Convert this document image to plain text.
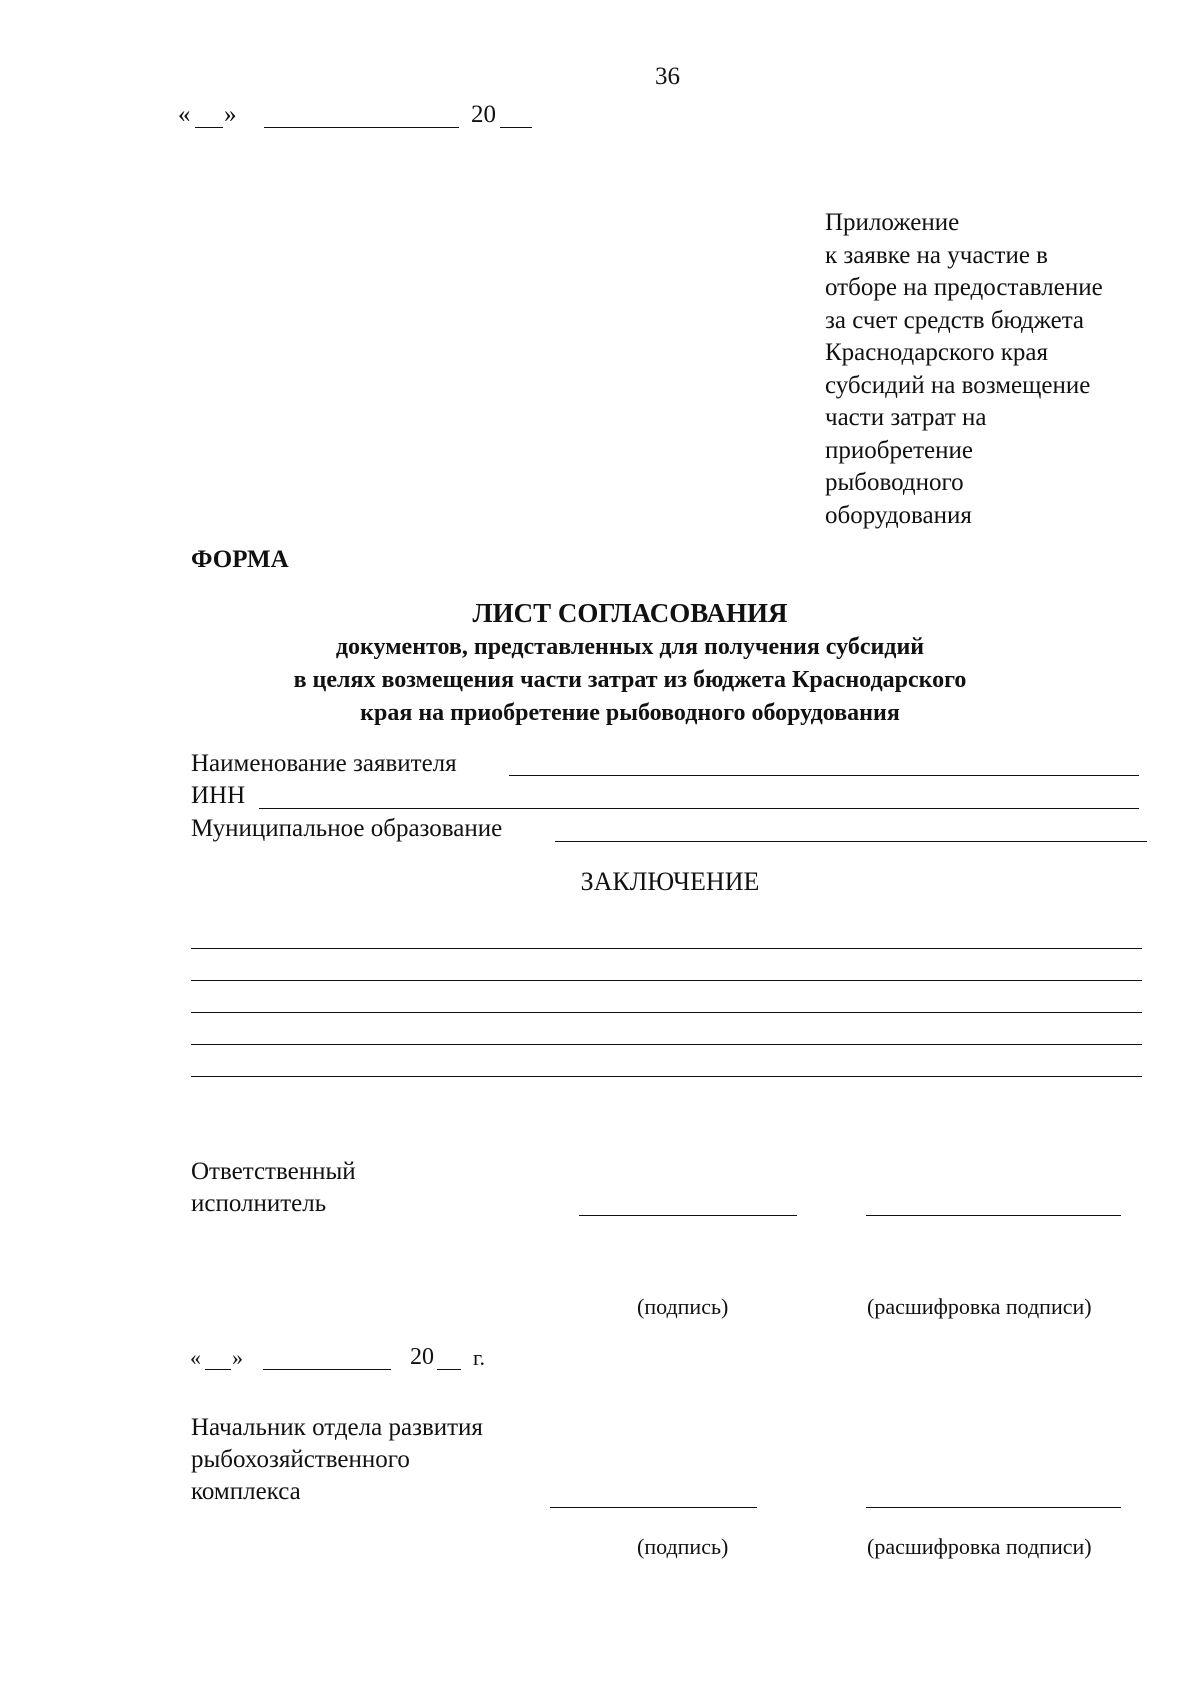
36
« »	20
Приложение
к заявке на участие в
отборе на предоставление
за счет средств бюджета
Краснодарского края
субсидий на возмещение
части затрат на
приобретение
рыбоводного
оборудования
ФОРМА
ЛИСТ СОГЛАСОВАНИЯ
документов, представленных для получения субсидий
в целях возмещения части затрат из бюджета Краснодарского
края на приобретение рыбоводного оборудования
Наименование заявителя
ИНН
Муниципальное образование
ЗАКЛЮЧЕНИЕ
Ответственный
исполнитель
(подпись)	(расшифровка подписи)
« »	20 г.
Начальник отдела развития
рыбохозяйственного
комплекса
(подпись)	(расшифровка подписи)
